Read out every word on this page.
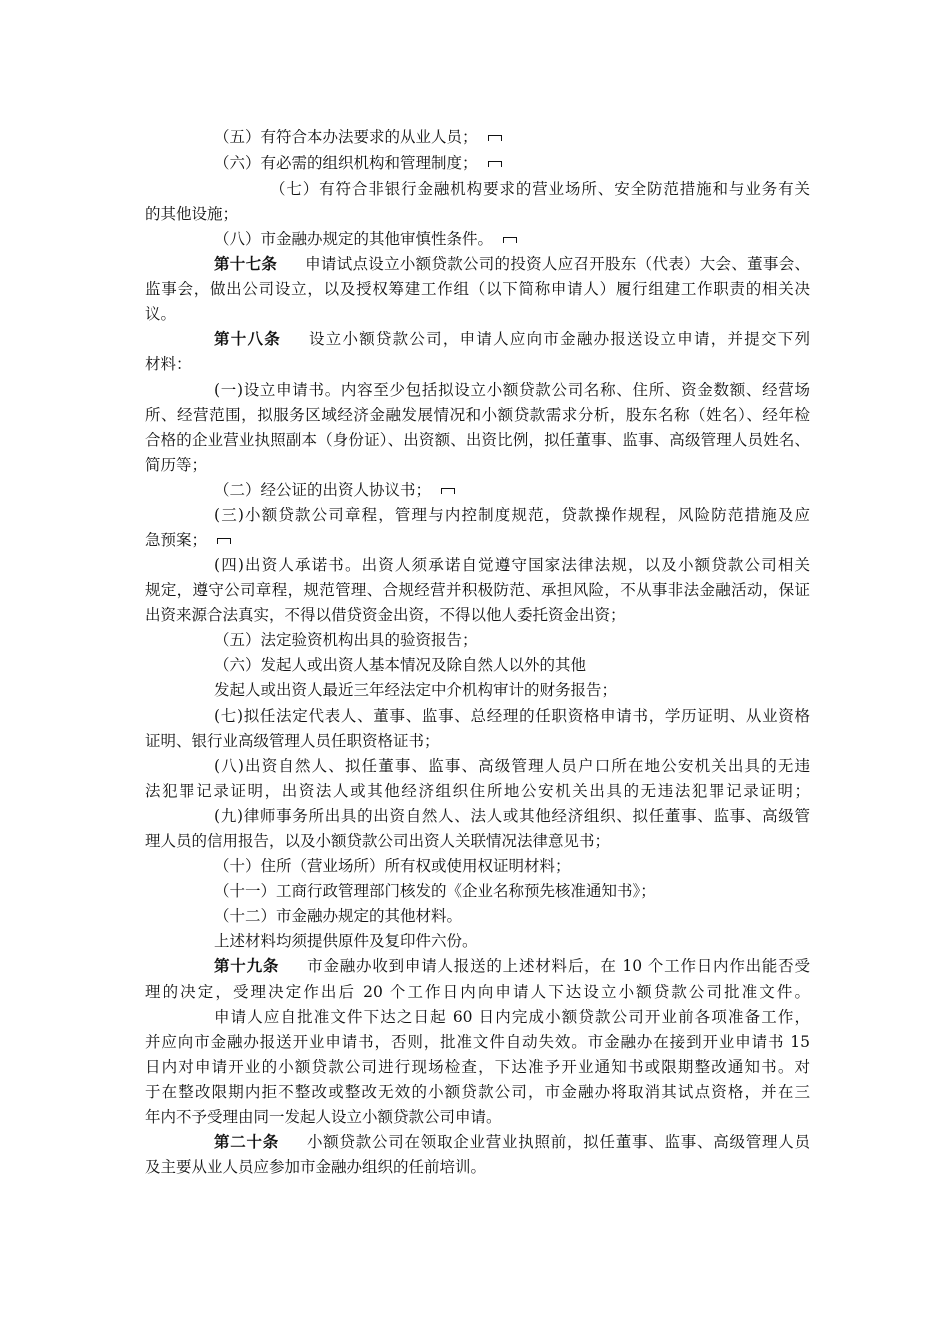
（五）有符合本办法要求的从业人员；
（六）有必需的组织机构和管理制度；
（七）有符合非银行金融机构要求的营业场所、安全防范措施和与业务有关
的其他设施；
（八）市金融办规定的其他审慎性条件。
第十七条 申请试点设立小额贷款公司的投资人应召开股东（代表）大会、董事会、
监事会，做出公司设立，以及授权筹建工作组（以下简称申请人）履行组建工作职责的相关决
议。
第十八条 设立小额贷款公司，申请人应向市金融办报送设立申请，并提交下列
材料：
(一)设立申请书。内容至少包括拟设立小额贷款公司名称、住所、资金数额、经营场
所、经营范围，拟服务区域经济金融发展情况和小额贷款需求分析，股东名称（姓名）、经年检
合格的企业营业执照副本（身份证）、出资额、出资比例，拟任董事、监事、高级管理人员姓名、
简历等；
（二）经公证的出资人协议书；
(三)小额贷款公司章程，管理与内控制度规范，贷款操作规程，风险防范措施及应
急预案；
(四)出资人承诺书。出资人须承诺自觉遵守国家法律法规，以及小额贷款公司相关
规定，遵守公司章程，规范管理、合规经营并积极防范、承担风险，不从事非法金融活动，保证
出资来源合法真实，不得以借贷资金出资，不得以他人委托资金出资；
（五）法定验资机构出具的验资报告；
（六）发起人或出资人基本情况及除自然人以外的其他
发起人或出资人最近三年经法定中介机构审计的财务报告；
(七)拟任法定代表人、董事、监事、总经理的任职资格申请书，学历证明、从业资格
证明、银行业高级管理人员任职资格证书；
(八)出资自然人、拟任董事、监事、高级管理人员户口所在地公安机关出具的无违
法犯罪记录证明，出资法人或其他经济组织住所地公安机关出具的无违法犯罪记录证明；
(九)律师事务所出具的出资自然人、法人或其他经济组织、拟任董事、监事、高级管
理人员的信用报告，以及小额贷款公司出资人关联情况法律意见书；
（十）住所（营业场所）所有权或使用权证明材料；
（十一）工商行政管理部门核发的《企业名称预先核准通知书》；
（十二）市金融办规定的其他材料。
上述材料均须提供原件及复印件六份。
第十九条 市金融办收到申请人报送的上述材料后，在 10 个工作日内作出能否受
理的决定，受理决定作出后 20 个工作日内向申请人下达设立小额贷款公司批准文件。
申请人应自批准文件下达之日起 60 日内完成小额贷款公司开业前各项准备工作，
并应向市金融办报送开业申请书，否则，批准文件自动失效。市金融办在接到开业申请书 15
日内对申请开业的小额贷款公司进行现场检查，下达准予开业通知书或限期整改通知书。对
于在整改限期内拒不整改或整改无效的小额贷款公司，市金融办将取消其试点资格，并在三
年内不予受理由同一发起人设立小额贷款公司申请。
第二十条 小额贷款公司在领取企业营业执照前，拟任董事、监事、高级管理人员
及主要从业人员应参加市金融办组织的任前培训。
